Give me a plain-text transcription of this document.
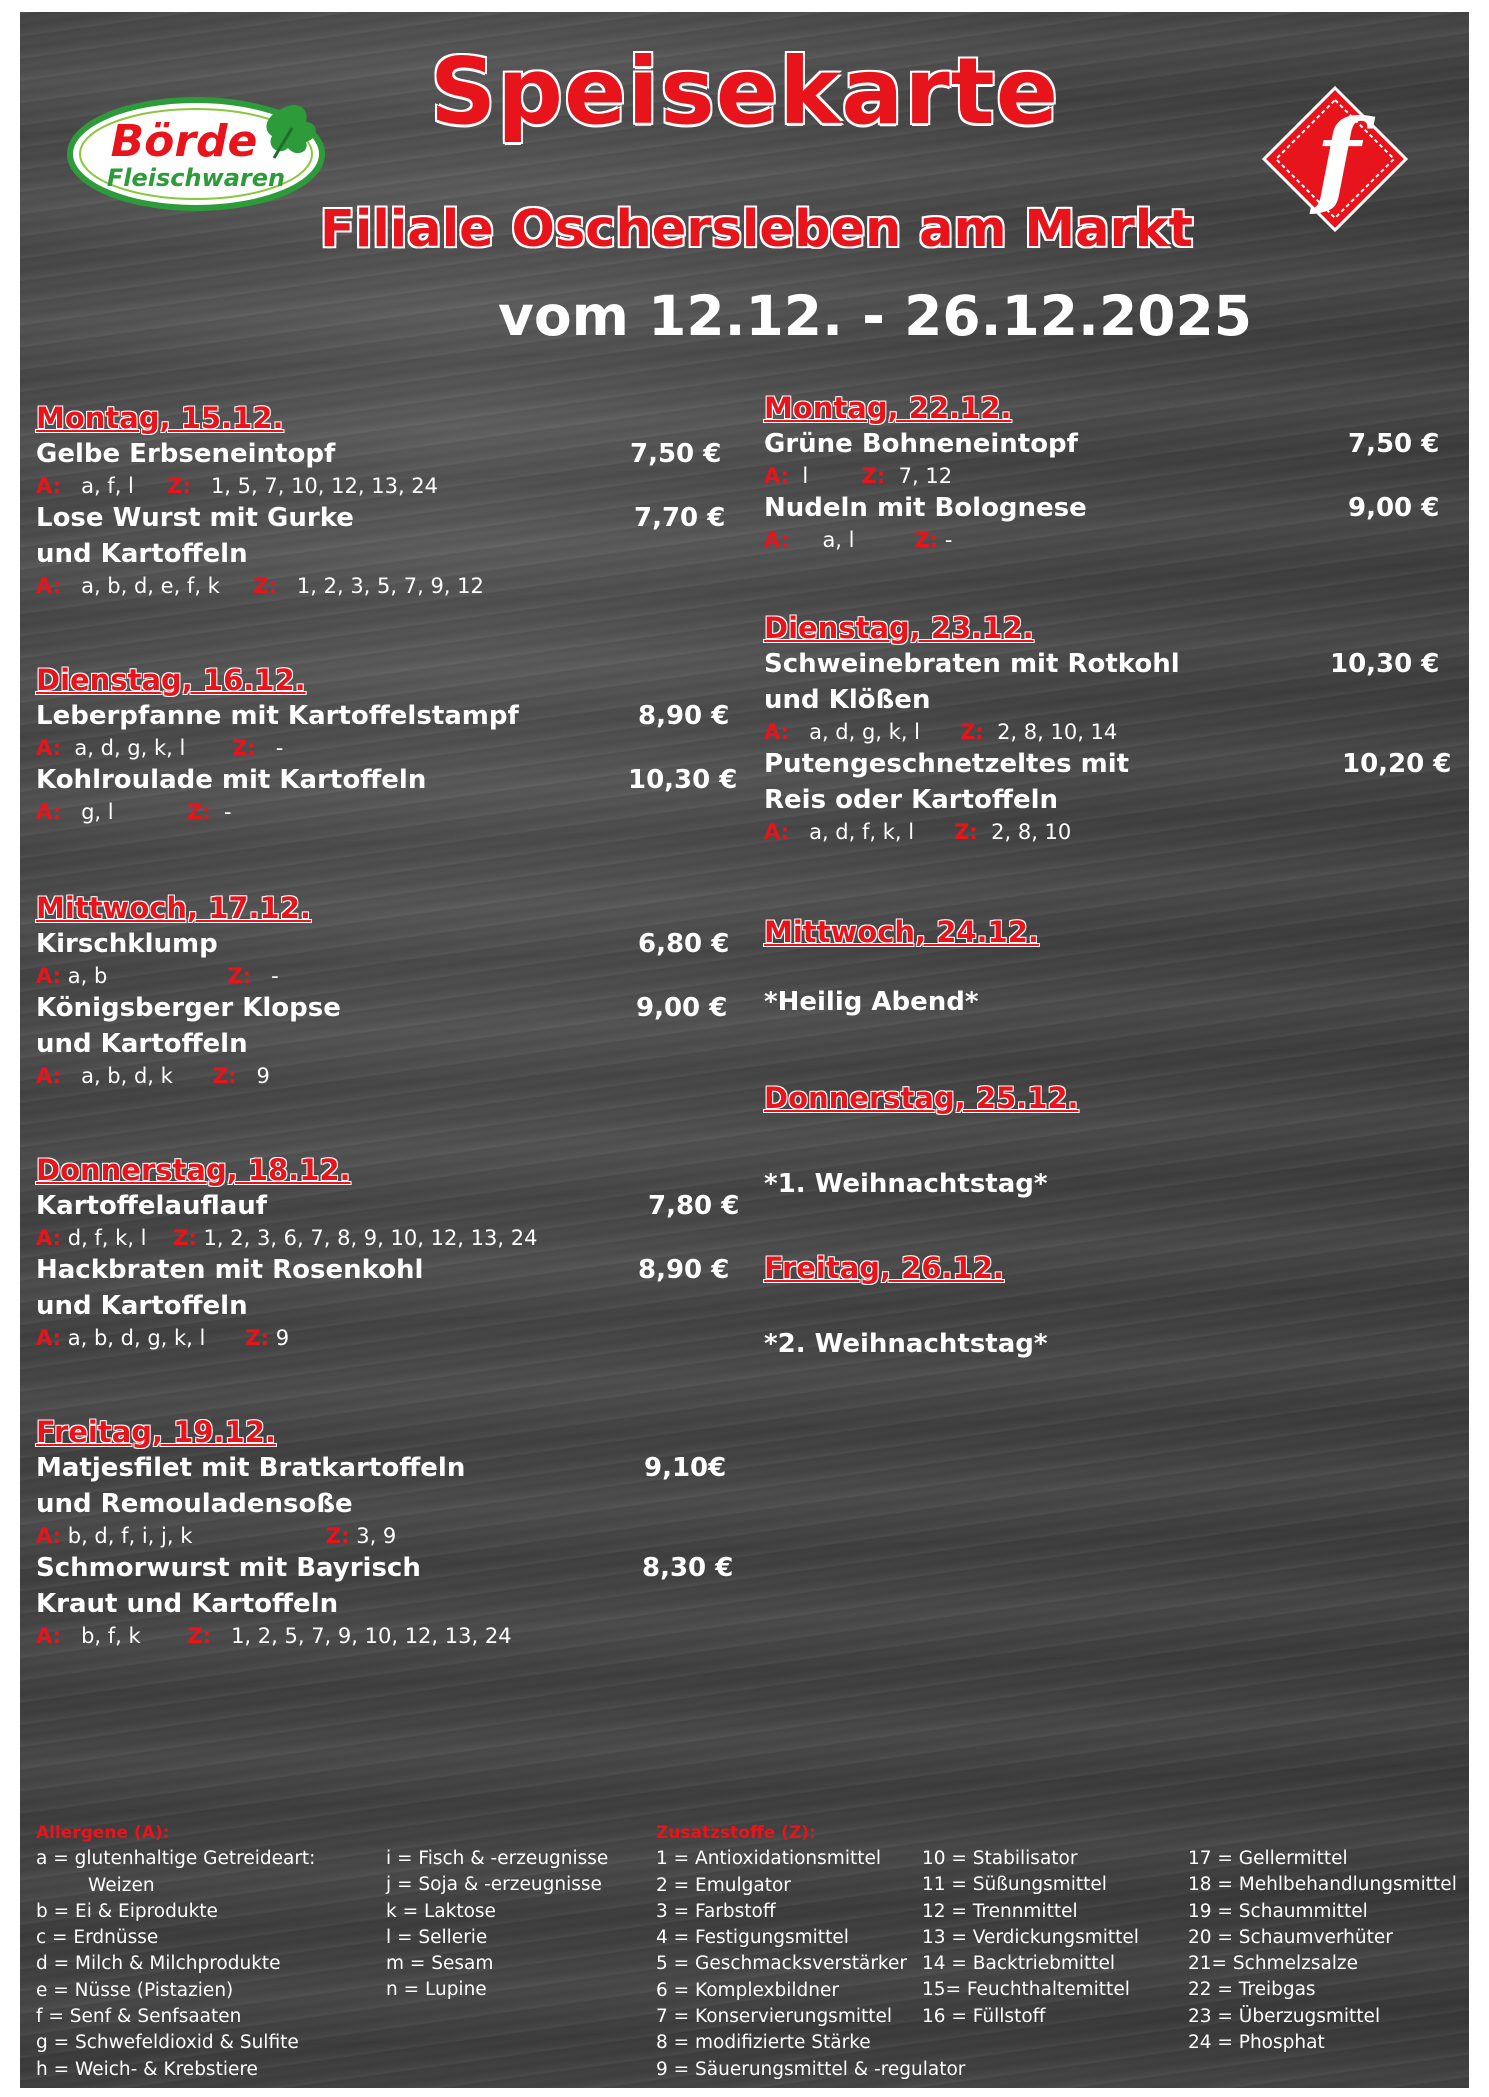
Börde
Fleischwaren	f
Speisekarte
Filiale Oschersleben am Markt
vom 12.12. - 26.12.2025
Montag, 15.12.
Gelbe Erbseneintopf	7,50 €
A: a, f, l Z: 1, 5, 7, 10, 12, 13, 24
Lose Wurst mit Gurke und Kartoffeln
7,70 €
A: a, b, d, e, f, k Z: 1, 2, 3, 5, 7, 9, 12
Dienstag, 16.12.
Leberpfanne mit Kartoffelstampf	8,90 €
A: a, d, g, k, l Z: -
Kohlroulade mit Kartoffeln	10,30 €
A: g, l	Z: -
Mittwoch, 17.12.
Kirschklump	6,80 €
A: a, b	Z: -
Königsberger Klopse und Kartoffeln
9,00 €
A: a, b, d, k Z: 9
Donnerstag, 18.12.
Kartoffelauflauf	7,80 €
A: d, f, k, l Z: 1, 2, 3, 6, 7, 8, 9, 10, 12, 13, 24
Hackbraten mit Rosenkohl und Kartoffeln
8,90 €
A: a, b, d, g, k, l Z: 9
Freitag, 19.12.
Matjesfilet mit Bratkartoffeln und Remouladensoße
9,10€
A: b, d, f, i, j, k	Z: 3, 9
Schmorwurst mit Bayrisch Kraut und Kartoffeln
8,30 €
A: b, f, k Z: 1, 2, 5, 7, 9, 10, 12, 13, 24
Montag, 22.12.
Grüne Bohneneintopf	7,50 €
A: l	Z: 7, 12
Nudeln mit Bolognese	9,00 €
A: a, l	Z: -
Dienstag, 23.12.
Schweinebraten mit Rotkohl und Klößen
10,30 €
A: a, d, g, k, l Z: 2, 8, 10, 14
Putengeschnetzeltes mit Reis oder Kartoffeln
10,20 €
A: a, d, f, k, l Z: 2, 8, 10
Mittwoch, 24.12.
*Heilig Abend*
Donnerstag, 25.12.
*1. Weihnachtstag*
Freitag, 26.12.
*2. Weihnachtstag*
Allergene (A):
a = glutenhaltige Getreideart:
Weizen
b = Ei & Eiprodukte
c = Erdnüsse
d = Milch & Milchprodukte
e = Nüsse (Pistazien)
f = Senf & Senfsaaten
g = Schwefeldioxid & Sulfite
h = Weich- & Krebstiere
i = Fisch & -erzeugnisse
j = Soja & -erzeugnisse
k = Laktose
l = Sellerie
m = Sesam
n = Lupine
Zusatzstoffe (Z):
1 = Antioxidationsmittel
2 = Emulgator
3 = Farbstoff
4 = Festigungsmittel
5 = Geschmacksverstärker
6 = Komplexbildner
7 = Konservierungsmittel
8 = modifizierte Stärke
9 = Säuerungsmittel & -regulator
10 = Stabilisator
11 = Süßungsmittel
12 = Trennmittel
13 = Verdickungsmittel
14 = Backtriebmittel
15= Feuchthaltemittel
16 = Füllstoff
17 = Gellermittel
18 = Mehlbehandlungsmittel
19 = Schaummittel
20 = Schaumverhüter
21= Schmelzsalze
22 = Treibgas
23 = Überzugsmittel
24 = Phosphat
